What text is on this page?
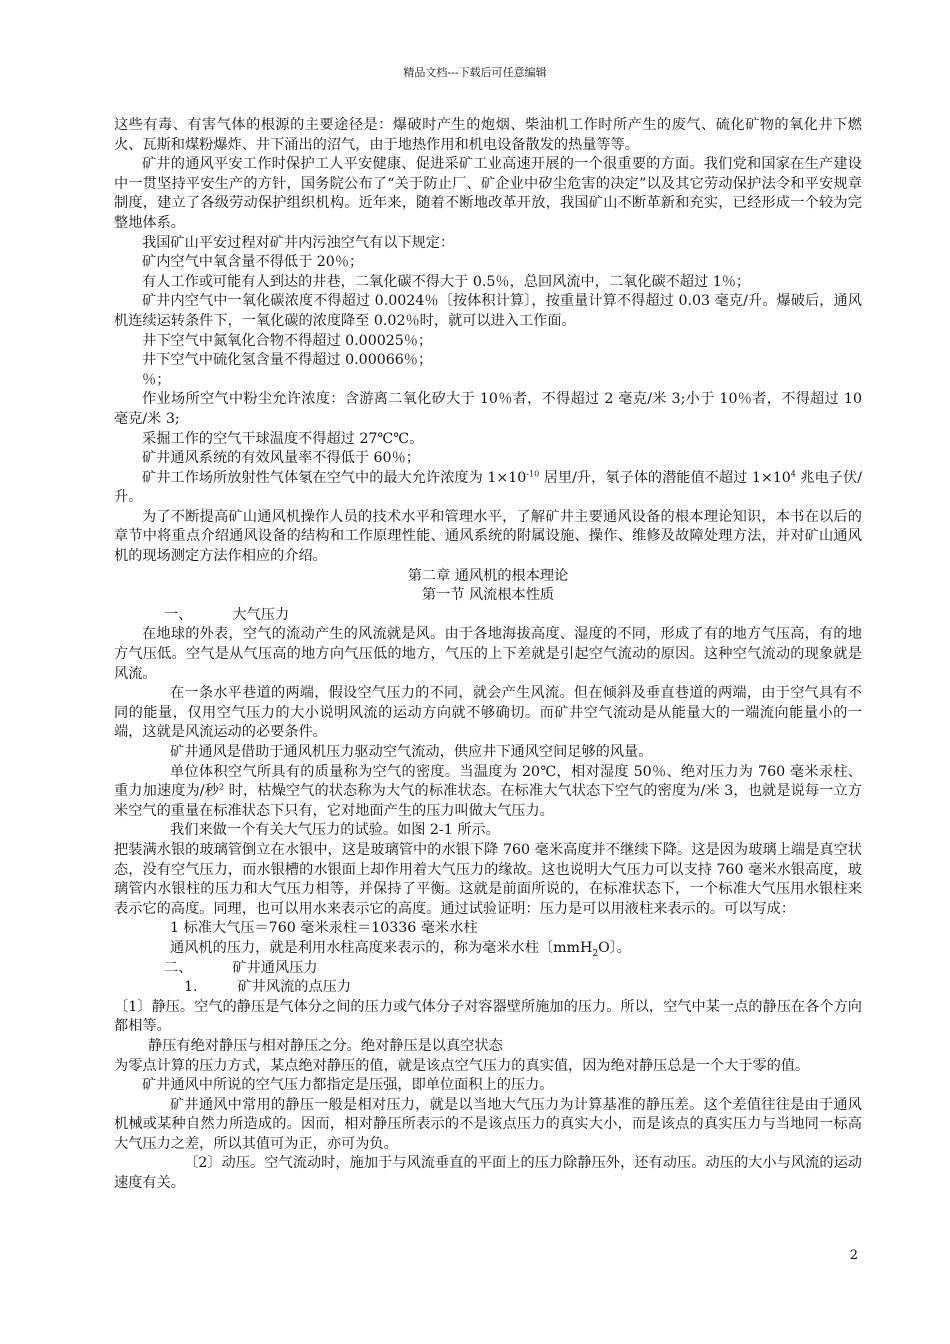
精品文档---下载后可任意编辑

这些有毒、有害气体的根源的主要途径是：爆破时产生的炮烟、柴油机工作时所产生的废气、硫化矿物的氧化井下燃火、瓦斯和煤粉爆炸、井下涌出的沼气，由于地热作用和机电设备散发的热量等等。

矿井的通风平安工作时保护工人平安健康、促进采矿工业高速开展的一个很重要的方面。我们党和国家在生产建设中一贯坚持平安生产的方针，国务院公布了“关于防止厂、矿企业中矽尘危害的决定”以及其它劳动保护法令和平安规章制度，建立了各级劳动保护组织机构。近年来，随着不断地改革开放，我国矿山不断革新和充实，已经形成一个较为完整地体系。

我国矿山平安过程对矿井内污浊空气有以下规定：

矿内空气中氧含量不得低于 20％；

有人工作或可能有人到达的井巷，二氧化碳不得大于 0.5％，总回风流中，二氧化碳不超过 1％；

矿井内空气中一氧化碳浓度不得超过 0.0024％〔按体积计算〕，按重量计算不得超过 0.03 毫克/升。爆破后，通风机连续运转条件下，一氧化碳的浓度降至 0.02％时，就可以进入工作面。

井下空气中氮氧化合物不得超过 0.00025％；

井下空气中硫化氢含量不得超过 0.00066％；

％；

作业场所空气中粉尘允许浓度：含游离二氧化矽大于 10％者，不得超过 2 毫克/米 3;小于 10％者，不得超过 10 毫克/米 3;

采掘工作的空气干球温度不得超过 27℃℃。

矿井通风系统的有效风量率不得低于 60％；

矿井工作场所放射性气体氡在空气中的最大允许浓度为 $1\times 10^{-10}$ 居里/升，氡子体的潜能值不超过 $1\times 10^4$ 兆电子伏/升。

为了不断提高矿山通风机操作人员的技术水平和管理水平，了解矿井主要通风设备的根本理论知识，本书在以后的章节中将重点介绍通风设备的结构和工作原理性能、通风系统的附属设施、操作、维修及故障处理方法，并对矿山通风机的现场测定方法作相应的介绍。

第二章 通风机的根本理论

第一节 风流根本性质

一、	大气压力

在地球的外表，空气的流动产生的风流就是风。由于各地海拔高度、湿度的不同，形成了有的地方气压高，有的地方气压低。空气是从气压高的地方向气压低的地方，气压的上下差就是引起空气流动的原因。这种空气流动的现象就是风流。

在一条水平巷道的两端，假设空气压力的不同，就会产生风流。但在倾斜及垂直巷道的两端，由于空气具有不同的能量，仅用空气压力的大小说明风流的运动方向就不够确切。而矿井空气流动是从能量大的一端流向能量小的一端，这就是风流运动的必要条件。

矿井通风是借助于通风机压力驱动空气流动，供应井下通风空间足够的风量。

单位体积空气所具有的质量称为空气的密度。当温度为 20℃，相对湿度 50％、绝对压力为 760 毫米汞柱、重力加速度为/秒$^2$ 时，枯燥空气的状态称为大气的标准状态。在标准大气状态下空气的密度为/米 3，也就是说每一立方米空气的重量在标准状态下只有，它对地面产生的压力叫做大气压力。

我们来做一个有关大气压力的试验。如图 2-1 所示。

把装满水银的玻璃管倒立在水银中，这是玻璃管中的水银下降 760 毫米高度并不继续下降。这是因为玻璃上端是真空状态，没有空气压力，而水银槽的水银面上却作用着大气压力的缘故。这也说明大气压力可以支持 760 毫米水银高度，玻璃管内水银柱的压力和大气压力相等，并保持了平衡。这就是前面所说的，在标准状态下，一个标准大气压用水银柱来表示它的高度。同理，也可以用水来表示它的高度。通过试验证明：压力是可以用液柱来表示的。可以写成：

1 标准大气压＝760 毫米汞柱＝10336 毫米水柱

通风机的压力，就是利用水柱高度来表示的，称为毫米水柱〔mmH$_2$O〕。

二、	矿井通风压力

1.	矿井风流的点压力

〔1〕静压。空气的静压是气体分之间的压力或气体分子对容器壁所施加的压力。所以，空气中某一点的静压在各个方向都相等。

静压有绝对静压与相对静压之分。绝对静压是以真空状态

为零点计算的压力方式，某点绝对静压的值，就是该点空气压力的真实值，因为绝对静压总是一个大于零的值。

矿井通风中所说的空气压力都指定是压强，即单位面积上的压力。

矿井通风中常用的静压一般是相对压力，就是以当地大气压力为计算基准的静压差。这个差值往往是由于通风机械或某种自然力所造成的。因而，相对静压所表示的不是该点压力的真实大小，而是该点的真实压力与当地同一标高大气压力之差，所以其值可为正，亦可为负。

〔2〕动压。空气流动时，施加于与风流垂直的平面上的压力除静压外，还有动压。动压的大小与风流的运动速度有关。

2
